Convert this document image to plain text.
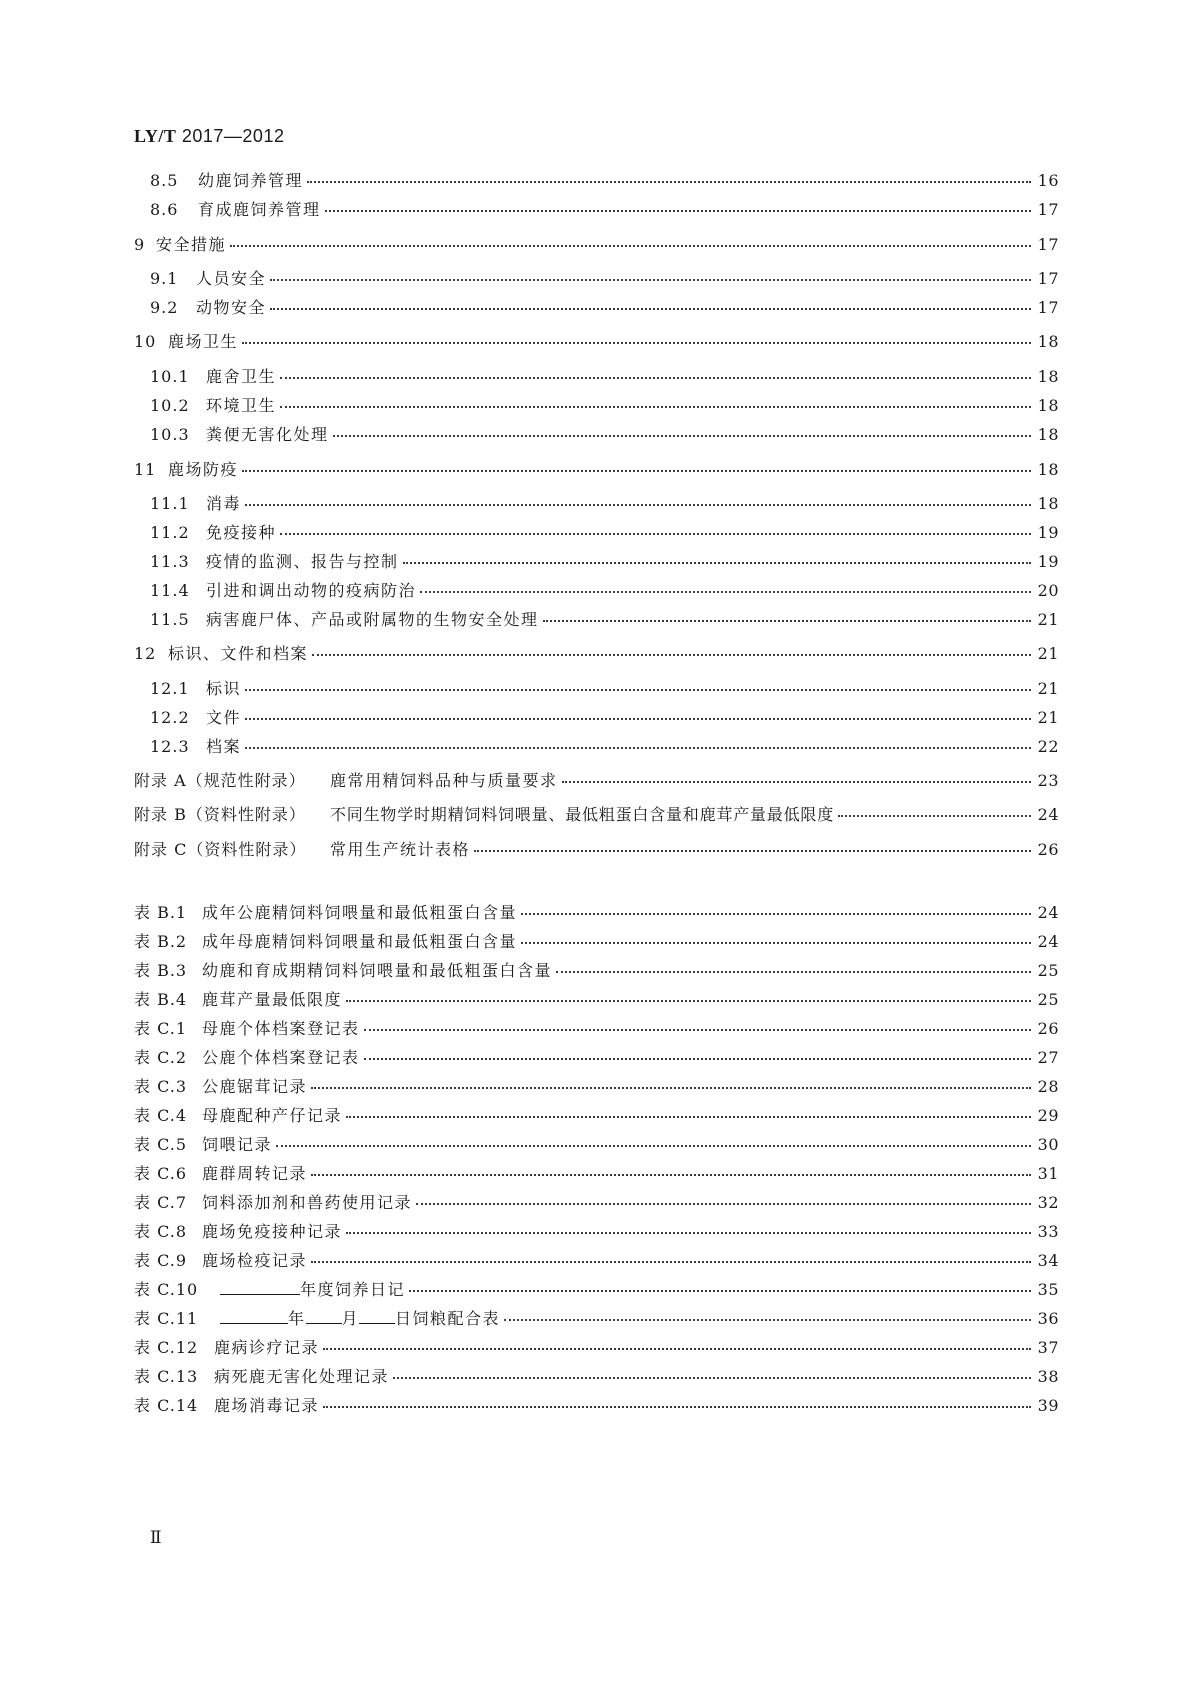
LY/T 2017—2012
8.5	幼鹿饲养管理	16
8.6	育成鹿饲养管理	17
9 安全措施	17
9.1	人员安全	17
9.2	动物安全	17
10 鹿场卫生	18
10.1	鹿舍卫生	18
10.2	环境卫生	18
10.3	粪便无害化处理	18
11 鹿场防疫	18
11.1	消毒	18
11.2	免疫接种	19
11.3	疫情的监测、报告与控制	19
11.4	引进和调出动物的疫病防治	20
11.5	病害鹿尸体、产品或附属物的生物安全处理	21
12 标识、文件和档案	21
12.1	标识	21
12.2	文件	21
12.3	档案	22
附录 A（规范性附录）	鹿常用精饲料品种与质量要求	23
附录 B（资料性附录）	不同生物学时期精饲料饲喂量、最低粗蛋白含量和鹿茸产量最低限度	24
附录 C（资料性附录）	常用生产统计表格	26
表 B.1 成年公鹿精饲料饲喂量和最低粗蛋白含量	24
表 B.2 成年母鹿精饲料饲喂量和最低粗蛋白含量	24
表 B.3 幼鹿和育成期精饲料饲喂量和最低粗蛋白含量	25
表 B.4 鹿茸产量最低限度	25
表 C.1 母鹿个体档案登记表	26
表 C.2 公鹿个体档案登记表	27
表 C.3 公鹿锯茸记录	28
表 C.4 母鹿配种产仔记录	29
表 C.5 饲喂记录	30
表 C.6 鹿群周转记录	31
表 C.7 饲料添加剂和兽药使用记录	32
表 C.8 鹿场免疫接种记录	33
表 C.9 鹿场检疫记录	34
表 C.10	年度饲养日记	35
表 C.11	年 月 日饲粮配合表	36
表 C.12 鹿病诊疗记录	37
表 C.13 病死鹿无害化处理记录	38
表 C.14 鹿场消毒记录	39
Ⅱ
